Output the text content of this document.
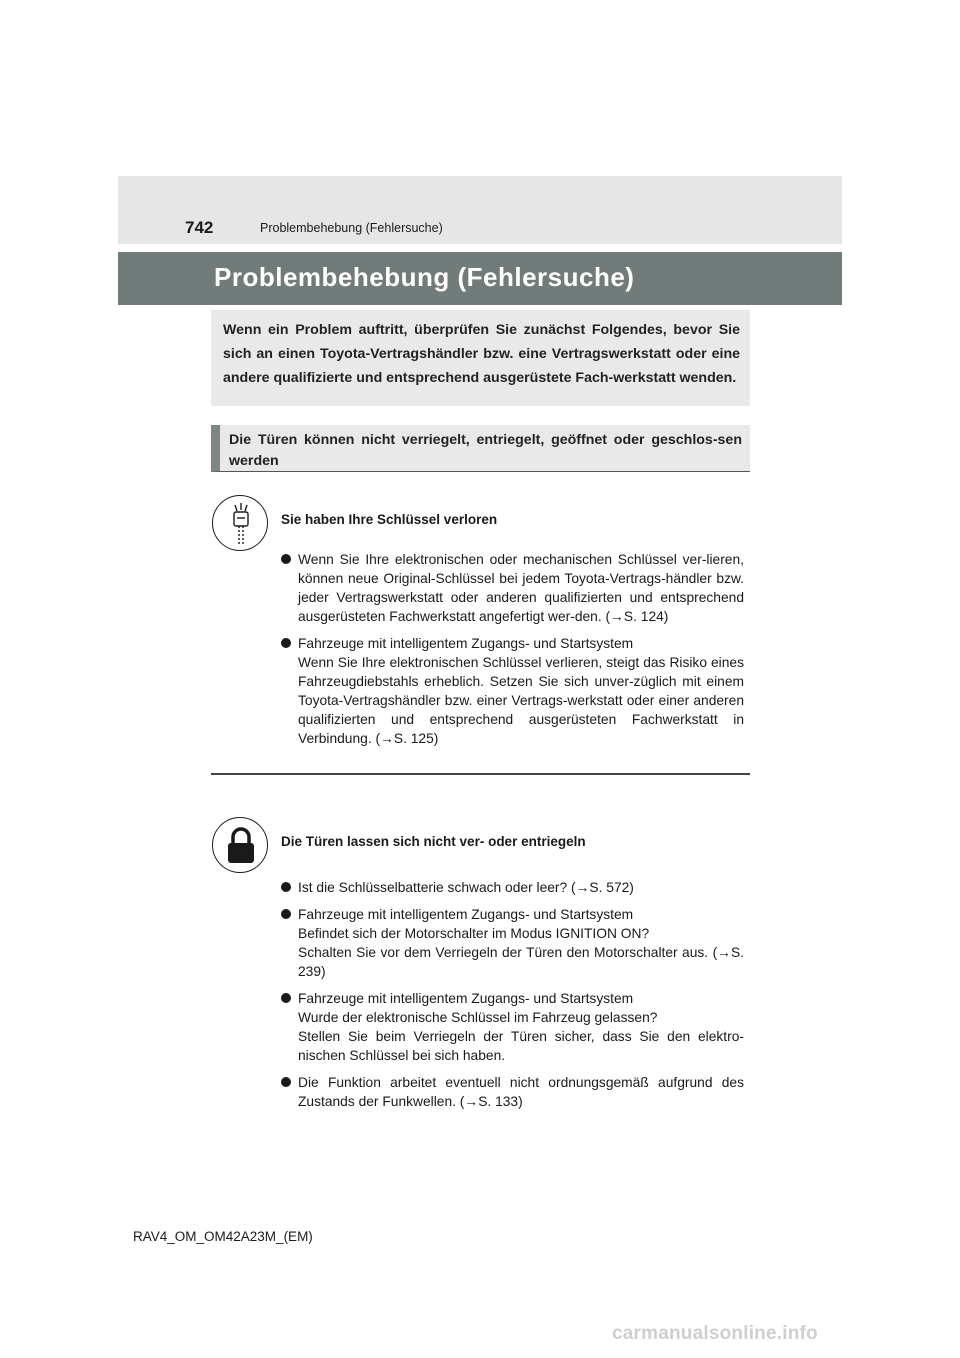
742	Problembehebung (Fehlersuche)
Problembehebung (Fehlersuche)
Wenn ein Problem auftritt, überprüfen Sie zunächst Folgendes, bevor Sie sich an einen Toyota-Vertragshändler bzw. eine Vertragswerkstatt oder eine andere qualifizierte und entsprechend ausgerüstete Fach-werkstatt wenden.
Die Türen können nicht verriegelt, entriegelt, geöffnet oder geschlos-sen werden
Sie haben Ihre Schlüssel verloren
Wenn Sie Ihre elektronischen oder mechanischen Schlüssel ver-lieren, können neue Original-Schlüssel bei jedem Toyota-Vertrags-händler bzw. jeder Vertragswerkstatt oder anderen qualifizierten und entsprechend ausgerüsteten Fachwerkstatt angefertigt wer-den. (→S. 124)
Fahrzeuge mit intelligentem Zugangs- und Startsystem
Wenn Sie Ihre elektronischen Schlüssel verlieren, steigt das Risiko eines Fahrzeugdiebstahls erheblich. Setzen Sie sich unver-züglich mit einem Toyota-Vertragshändler bzw. einer Vertrags-werkstatt oder einer anderen qualifizierten und entsprechend ausgerüsteten Fachwerkstatt in Verbindung. (→S. 125)
Die Türen lassen sich nicht ver- oder entriegeln
Ist die Schlüsselbatterie schwach oder leer? (→S. 572)
Fahrzeuge mit intelligentem Zugangs- und Startsystem
Befindet sich der Motorschalter im Modus IGNITION ON?
Schalten Sie vor dem Verriegeln der Türen den Motorschalter aus. (→S. 239)
Fahrzeuge mit intelligentem Zugangs- und Startsystem
Wurde der elektronische Schlüssel im Fahrzeug gelassen?
Stellen Sie beim Verriegeln der Türen sicher, dass Sie den elektro-nischen Schlüssel bei sich haben.
Die Funktion arbeitet eventuell nicht ordnungsgemäß aufgrund des Zustands der Funkwellen. (→S. 133)
RAV4_OM_OM42A23M_(EM)
carmanualsonline.info
